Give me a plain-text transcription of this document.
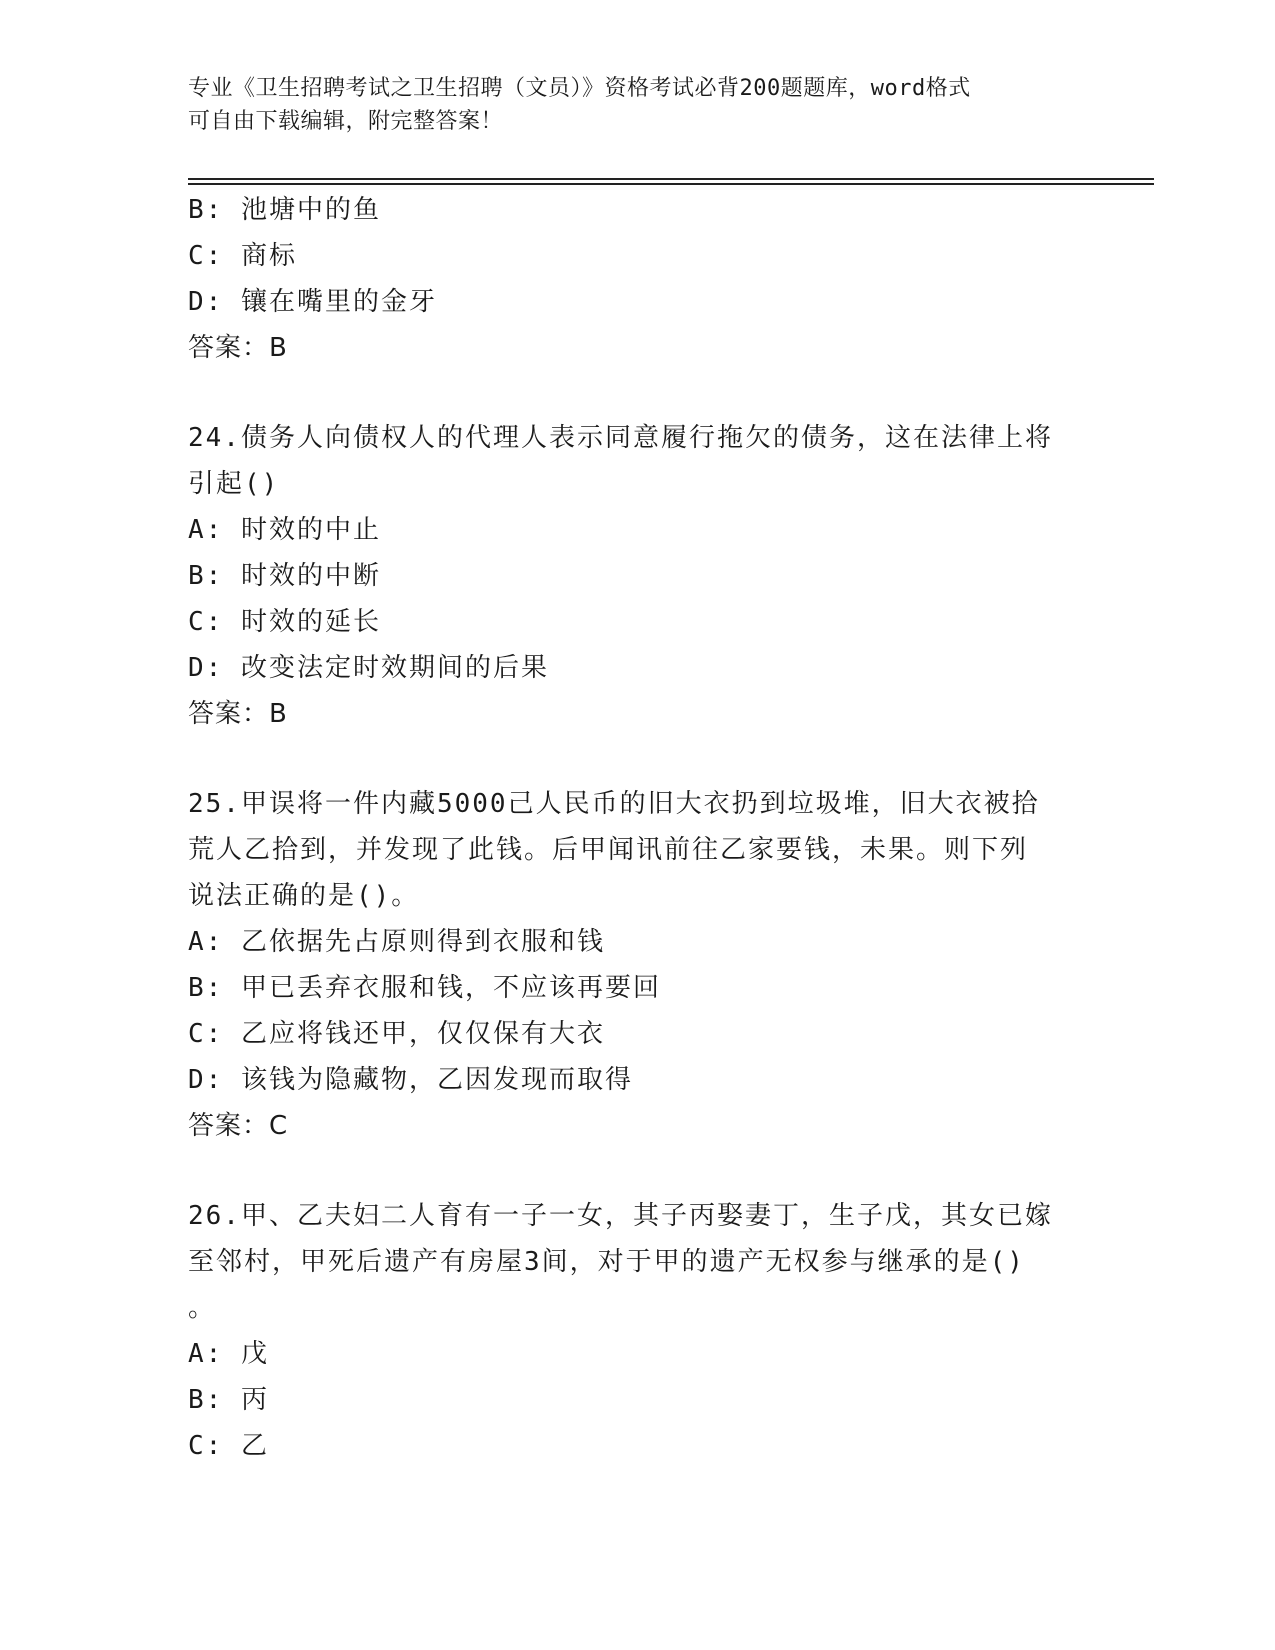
专业《卫生招聘考试之卫生招聘（文员）》资格考试必背200题题库，word格式
可自由下载编辑，附完整答案！
B: 池塘中的鱼
C: 商标
D: 镶在嘴里的金牙
答案：B
24.债务人向债权人的代理人表示同意履行拖欠的债务，这在法律上将
引起()
A: 时效的中止
B: 时效的中断
C: 时效的延长
D: 改变法定时效期间的后果
答案：B
25.甲误将一件内藏5000己人民币的旧大衣扔到垃圾堆，旧大衣被拾
荒人乙拾到，并发现了此钱。后甲闻讯前往乙家要钱，未果。则下列
说法正确的是()。
A: 乙依据先占原则得到衣服和钱
B: 甲已丢弃衣服和钱，不应该再要回
C: 乙应将钱还甲，仅仅保有大衣
D: 该钱为隐藏物，乙因发现而取得
答案：C
26.甲、乙夫妇二人育有一子一女，其子丙娶妻丁，生子戊，其女已嫁
至邻村，甲死后遗产有房屋3间，对于甲的遗产无权参与继承的是()
。
A: 戊
B: 丙
C: 乙
